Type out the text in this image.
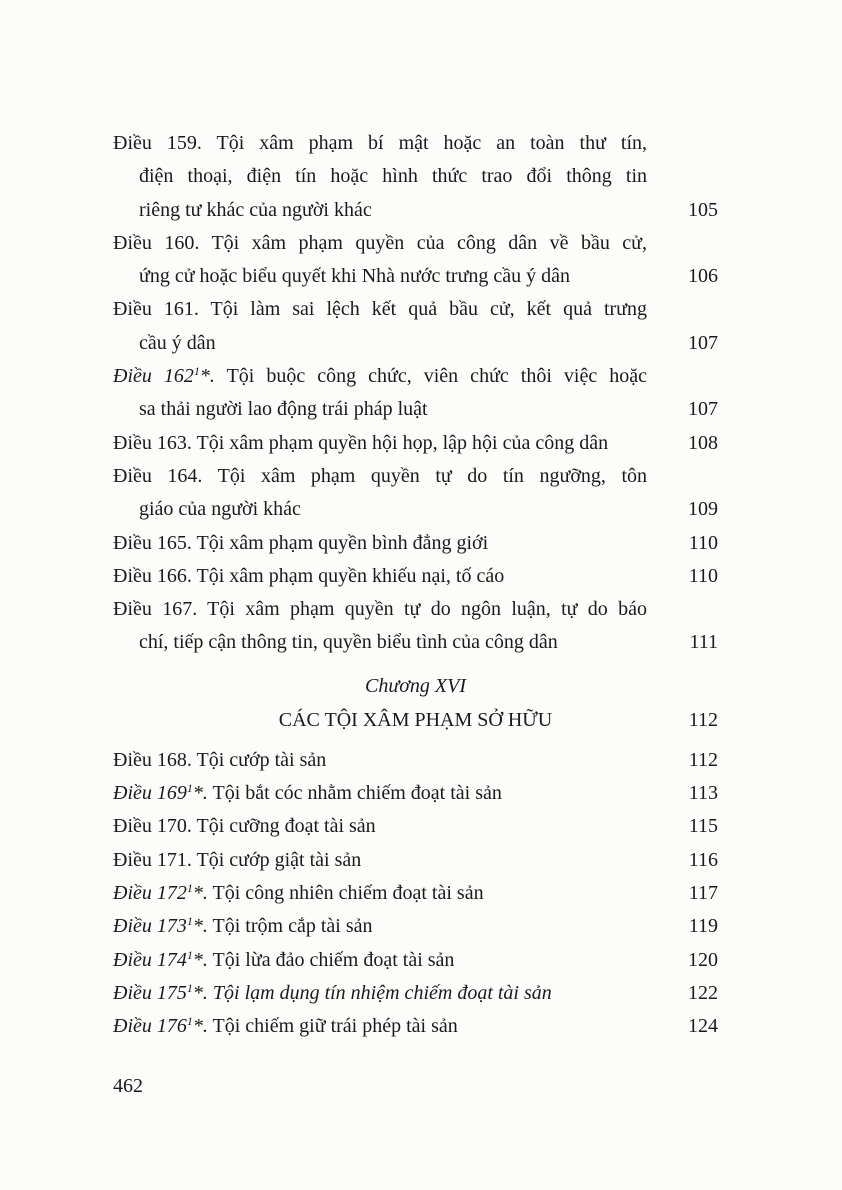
Điều 159. Tội xâm phạm bí mật hoặc an toàn thư tín,
điện thoại, điện tín hoặc hình thức trao đổi thông tin
riêng tư khác của người khác	105
Điều 160. Tội xâm phạm quyền của công dân về bầu cử,
ứng cử hoặc biểu quyết khi Nhà nước trưng cầu ý dân	106
Điều 161. Tội làm sai lệch kết quả bầu cử, kết quả trưng
cầu ý dân	107
Điều $162^1*$. Tội buộc công chức, viên chức thôi việc hoặc
sa thải người lao động trái pháp luật	107
Điều 163. Tội xâm phạm quyền hội họp, lập hội của công dân	108
Điều 164. Tội xâm phạm quyền tự do tín ngưỡng, tôn
giáo của người khác	109
Điều 165. Tội xâm phạm quyền bình đẳng giới	110
Điều 166. Tội xâm phạm quyền khiếu nại, tố cáo	110
Điều 167. Tội xâm phạm quyền tự do ngôn luận, tự do báo
chí, tiếp cận thông tin, quyền biểu tình của công dân	111
Chương XVI
CÁC TỘI XÂM PHẠM SỞ HỮU	112
Điều 168. Tội cướp tài sản	112
Điều $169^1*$. Tội bắt cóc nhằm chiếm đoạt tài sản	113
Điều 170. Tội cưỡng đoạt tài sản	115
Điều 171. Tội cướp giật tài sản	116
Điều $172^1*$. Tội công nhiên chiếm đoạt tài sản	117
Điều $173^1*$. Tội trộm cắp tài sản	119
Điều $174^1*$. Tội lừa đảo chiếm đoạt tài sản	120
Điều $175^1*$. Tội lạm dụng tín nhiệm chiếm đoạt tài sản	122
Điều $176^1*$. Tội chiếm giữ trái phép tài sản	124
462
